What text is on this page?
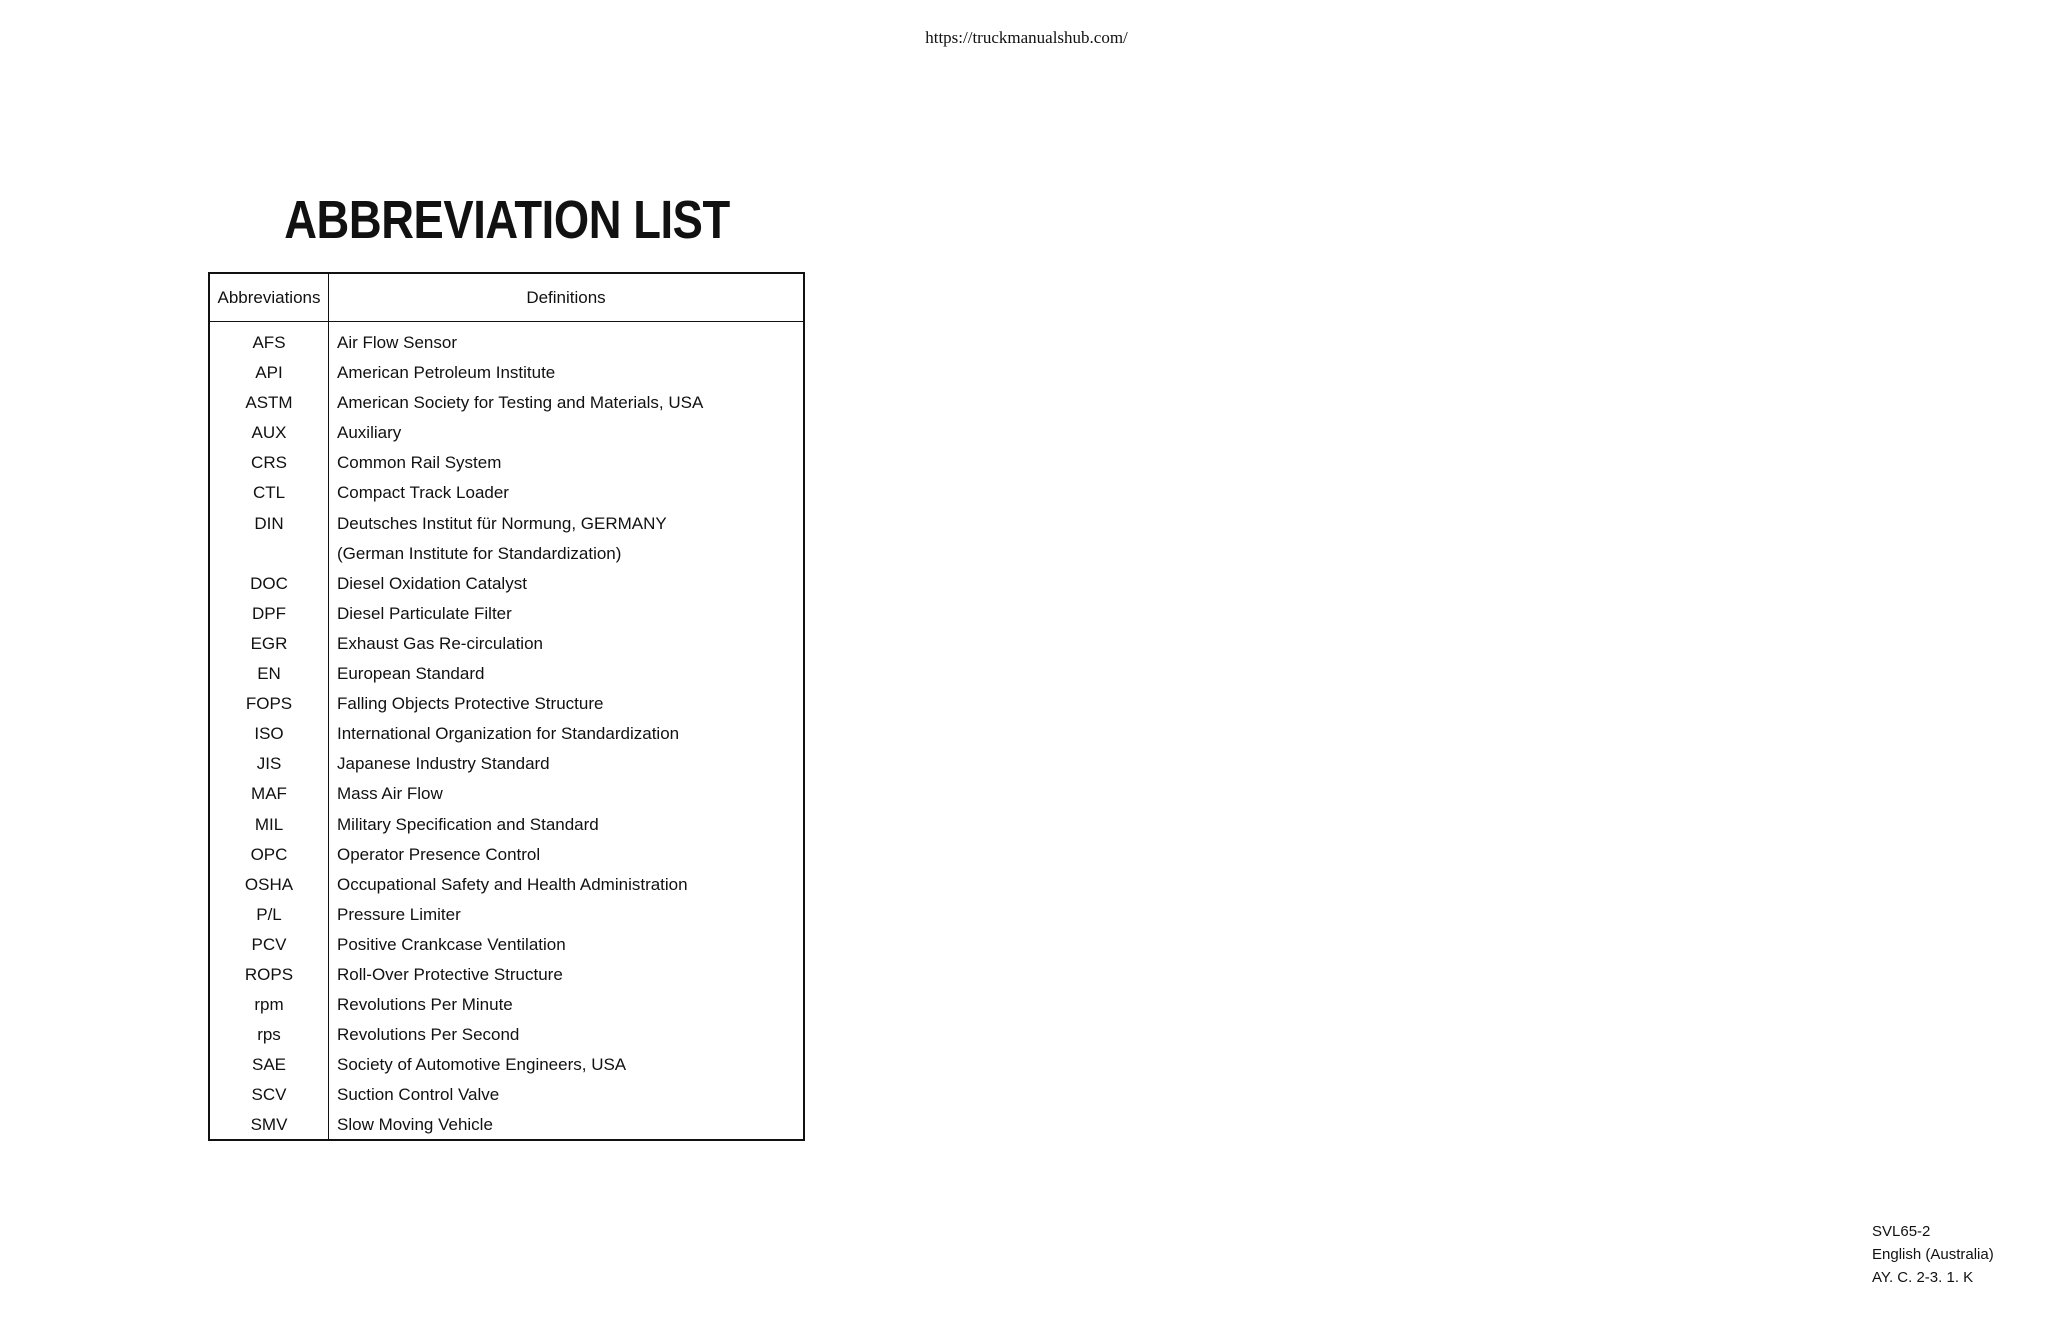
https://truckmanualshub.com/
ABBREVIATION LIST
Abbreviations	Definitions
AFS	Air Flow Sensor
API	American Petroleum Institute
ASTM	American Society for Testing and Materials, USA
AUX	Auxiliary
CRS	Common Rail System
CTL	Compact Track Loader
DIN	Deutsches Institut für Normung, GERMANY
(German Institute for Standardization)
DOC	Diesel Oxidation Catalyst
DPF	Diesel Particulate Filter
EGR	Exhaust Gas Re-circulation
EN	European Standard
FOPS	Falling Objects Protective Structure
ISO	International Organization for Standardization
JIS	Japanese Industry Standard
MAF	Mass Air Flow
MIL	Military Specification and Standard
OPC	Operator Presence Control
OSHA	Occupational Safety and Health Administration
P/L	Pressure Limiter
PCV	Positive Crankcase Ventilation
ROPS	Roll-Over Protective Structure
rpm	Revolutions Per Minute
rps	Revolutions Per Second
SAE	Society of Automotive Engineers, USA
SCV	Suction Control Valve
SMV	Slow Moving Vehicle
SVL65-2
English (Australia)
AY. C. 2-3. 1. K
